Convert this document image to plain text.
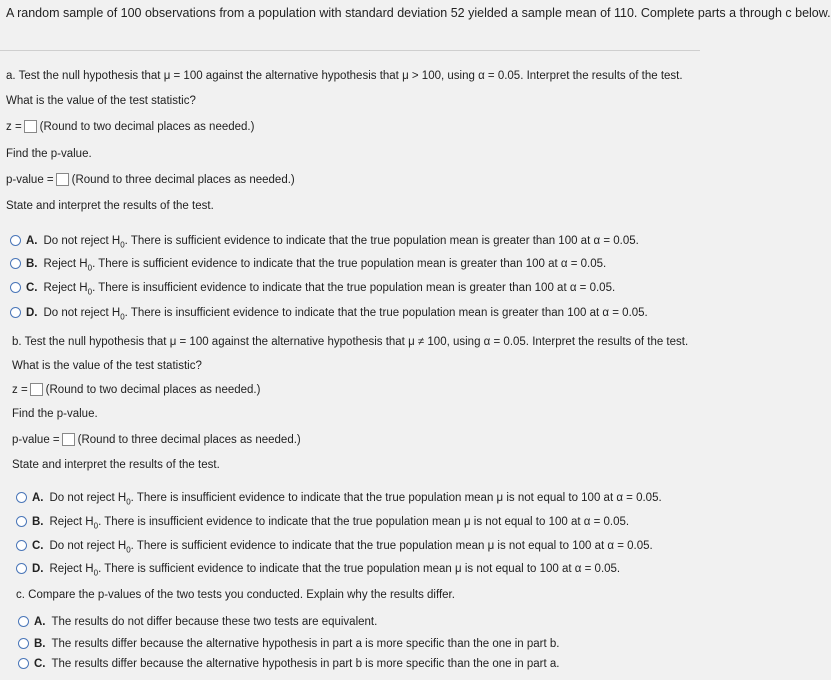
A random sample of 100 observations from a population with standard deviation 52 yielded a sample mean of 110. Complete parts a through c below.
a. Test the null hypothesis that μ = 100 against the alternative hypothesis that μ > 100, using α = 0.05. Interpret the results of the test.
What is the value of the test statistic?
z = (Round to two decimal places as needed.)
Find the p-value.
p-value = (Round to three decimal places as needed.)
State and interpret the results of the test.
A. Do not reject $H_0$. There is sufficient evidence to indicate that the true population mean is greater than 100 at α = 0.05.
B. Reject $H_0$. There is sufficient evidence to indicate that the true population mean is greater than 100 at α = 0.05.
C. Reject $H_0$. There is insufficient evidence to indicate that the true population mean is greater than 100 at α = 0.05.
D. Do not reject $H_0$. There is insufficient evidence to indicate that the true population mean is greater than 100 at α = 0.05.
b. Test the null hypothesis that μ = 100 against the alternative hypothesis that μ ≠ 100, using α = 0.05. Interpret the results of the test.
What is the value of the test statistic?
z = (Round to two decimal places as needed.)
Find the p-value.
p-value = (Round to three decimal places as needed.)
State and interpret the results of the test.
A. Do not reject $H_0$. There is insufficient evidence to indicate that the true population mean μ is not equal to 100 at α = 0.05.
B. Reject $H_0$. There is insufficient evidence to indicate that the true population mean μ is not equal to 100 at α = 0.05.
C. Do not reject $H_0$. There is sufficient evidence to indicate that the true population mean μ is not equal to 100 at α = 0.05.
D. Reject $H_0$. There is sufficient evidence to indicate that the true population mean μ is not equal to 100 at α = 0.05.
c. Compare the p-values of the two tests you conducted. Explain why the results differ.
A. The results do not differ because these two tests are equivalent.
B. The results differ because the alternative hypothesis in part a is more specific than the one in part b.
C. The results differ because the alternative hypothesis in part b is more specific than the one in part a.
